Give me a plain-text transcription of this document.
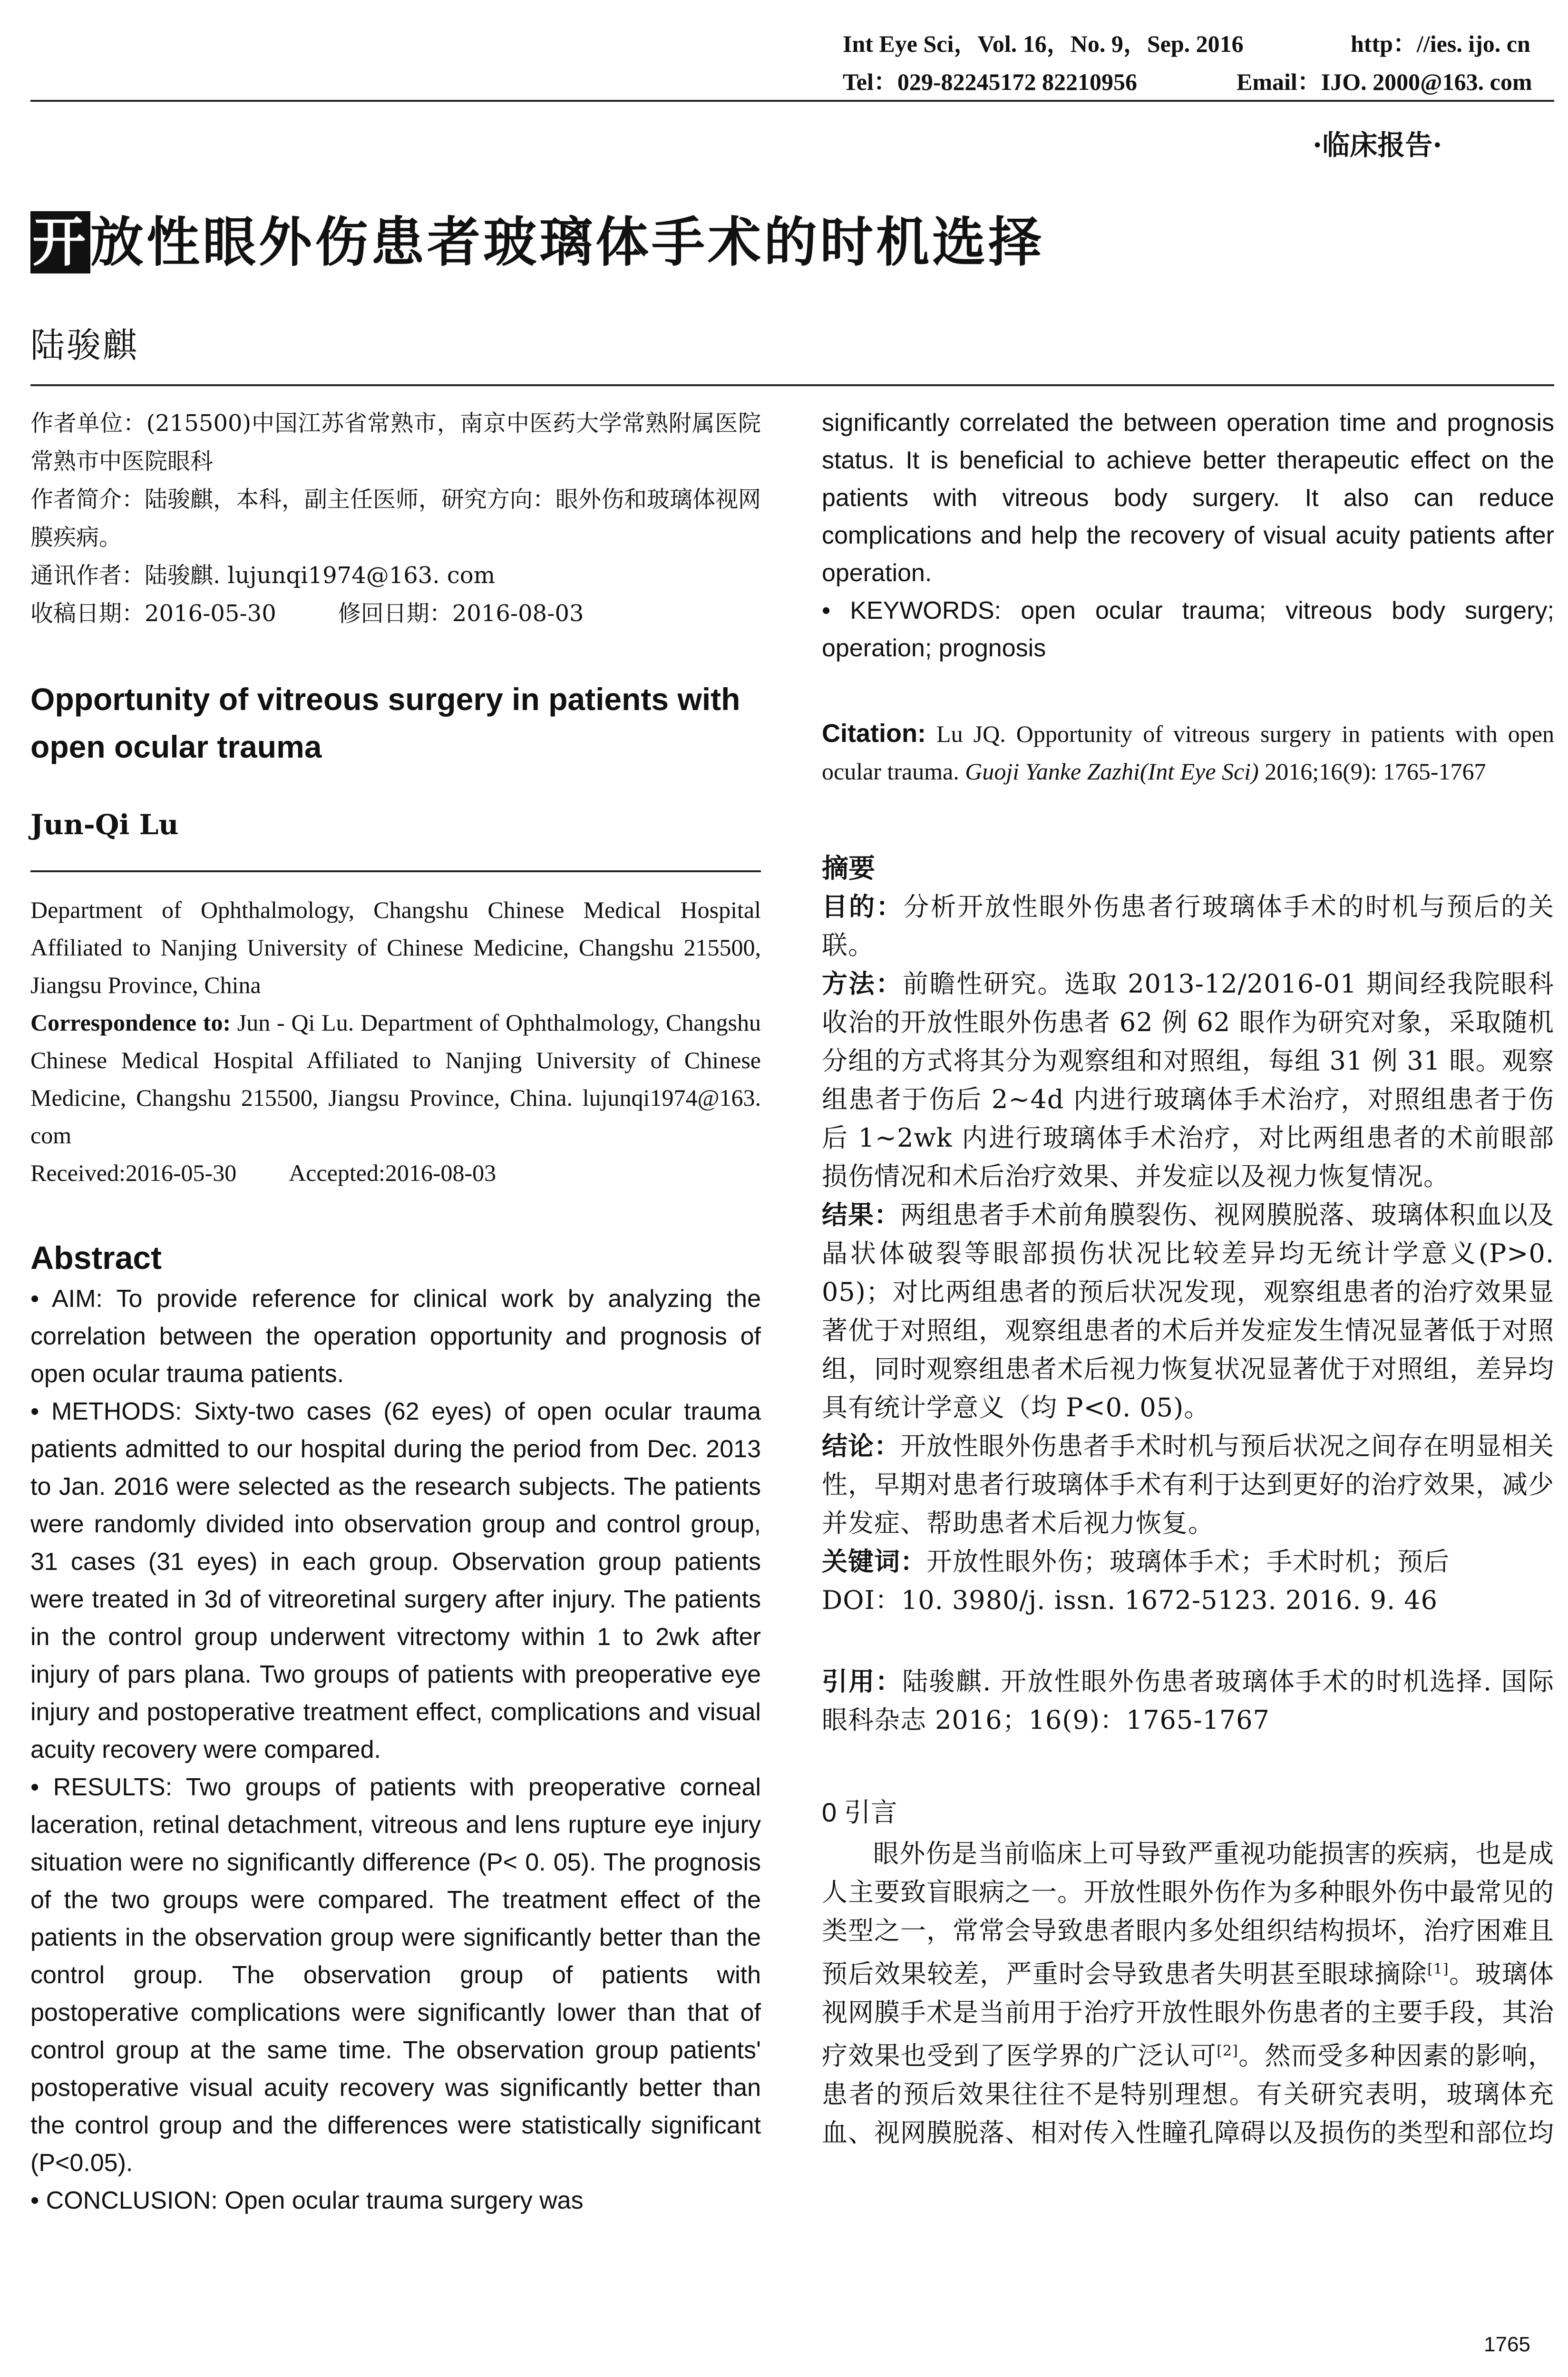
Int Eye Sci，Vol. 16，No. 9，Sep. 2016	http：//ies. ijo. cn
Tel：029-82245172 82210956	Email：IJO. 2000@163. com
·临床报告·
开放性眼外伤患者玻璃体手术的时机选择
陆骏麒

作者单位：(215500)中国江苏省常熟市，南京中医药大学常熟附属医院 常熟市中医院眼科

作者简介：陆骏麒，本科，副主任医师，研究方向：眼外伤和玻璃体视网膜疾病。

通讯作者：陆骏麒. lujunqi1974@163. com

收稿日期：2016-05-30	修回日期：2016-08-03

Opportunity of vitreous surgery in patients with open ocular trauma
Jun-Qi Lu

Department of Ophthalmology, Changshu Chinese Medical Hospital Affiliated to Nanjing University of Chinese Medicine, Changshu 215500, Jiangsu Province, China

Correspondence to: Jun - Qi Lu. Department of Ophthalmology, Changshu Chinese Medical Hospital Affiliated to Nanjing University of Chinese Medicine, Changshu 215500, Jiangsu Province, China. lujunqi1974@163. com

Received:2016-05-30 Accepted:2016-08-03

Abstract

• AIM: To provide reference for clinical work by analyzing the correlation between the operation opportunity and prognosis of open ocular trauma patients.

• METHODS: Sixty-two cases (62 eyes) of open ocular trauma patients admitted to our hospital during the period from Dec. 2013 to Jan. 2016 were selected as the research subjects. The patients were randomly divided into observation group and control group, 31 cases (31 eyes) in each group. Observation group patients were treated in 3d of vitreoretinal surgery after injury. The patients in the control group underwent vitrectomy within 1 to 2wk after injury of pars plana. Two groups of patients with preoperative eye injury and postoperative treatment effect, complications and visual acuity recovery were compared.

• RESULTS: Two groups of patients with preoperative corneal laceration, retinal detachment, vitreous and lens rupture eye injury situation were no significantly difference (P< 0. 05). The prognosis of the two groups were compared. The treatment effect of the patients in the observation group were significantly better than the control group. The observation group of patients with postoperative complications were significantly lower than that of control group at the same time. The observation group patients' postoperative visual acuity recovery was significantly better than the control group and the differences were statistically significant (P<0.05).

• CONCLUSION: Open ocular trauma surgery was

significantly correlated the between operation time and prognosis status. It is beneficial to achieve better therapeutic effect on the patients with vitreous body surgery. It also can reduce complications and help the recovery of visual acuity patients after operation.

• KEYWORDS: open ocular trauma; vitreous body surgery; operation; prognosis

Citation: Lu JQ. Opportunity of vitreous surgery in patients with open ocular trauma. Guoji Yanke Zazhi(Int Eye Sci) 2016;16(9): 1765-1767
摘要

目的：分析开放性眼外伤患者行玻璃体手术的时机与预后的关联。

方法：前瞻性研究。选取 2013-12/2016-01 期间经我院眼科收治的开放性眼外伤患者 62 例 62 眼作为研究对象，采取随机分组的方式将其分为观察组和对照组，每组 31 例 31 眼。观察组患者于伤后 2~4d 内进行玻璃体手术治疗，对照组患者于伤后 1~2wk 内进行玻璃体手术治疗，对比两组患者的术前眼部损伤情况和术后治疗效果、并发症以及视力恢复情况。

结果：两组患者手术前角膜裂伤、视网膜脱落、玻璃体积血以及晶状体破裂等眼部损伤状况比较差异均无统计学意义(P>0. 05)；对比两组患者的预后状况发现，观察组患者的治疗效果显著优于对照组，观察组患者的术后并发症发生情况显著低于对照组，同时观察组患者术后视力恢复状况显著优于对照组，差异均具有统计学意义（均 P<0. 05)。

结论：开放性眼外伤患者手术时机与预后状况之间存在明显相关性，早期对患者行玻璃体手术有利于达到更好的治疗效果，减少并发症、帮助患者术后视力恢复。

关键词：开放性眼外伤；玻璃体手术；手术时机；预后

DOI：10. 3980/j. issn. 1672-5123. 2016. 9. 46

引用：陆骏麒. 开放性眼外伤患者玻璃体手术的时机选择. 国际眼科杂志 2016；16(9)：1765-1767
0 引言
眼外伤是当前临床上可导致严重视功能损害的疾病，也是成人主要致盲眼病之一。开放性眼外伤作为多种眼外伤中最常见的类型之一，常常会导致患者眼内多处组织结构损坏，治疗困难且预后效果较差，严重时会导致患者失明甚至眼球摘除[1]。玻璃体视网膜手术是当前用于治疗开放性眼外伤患者的主要手段，其治疗效果也受到了医学界的广泛认可[2]。然而受多种因素的影响，患者的预后效果往往不是特别理想。有关研究表明，玻璃体充血、视网膜脱落、相对传入性瞳孔障碍以及损伤的类型和部位均
1765
